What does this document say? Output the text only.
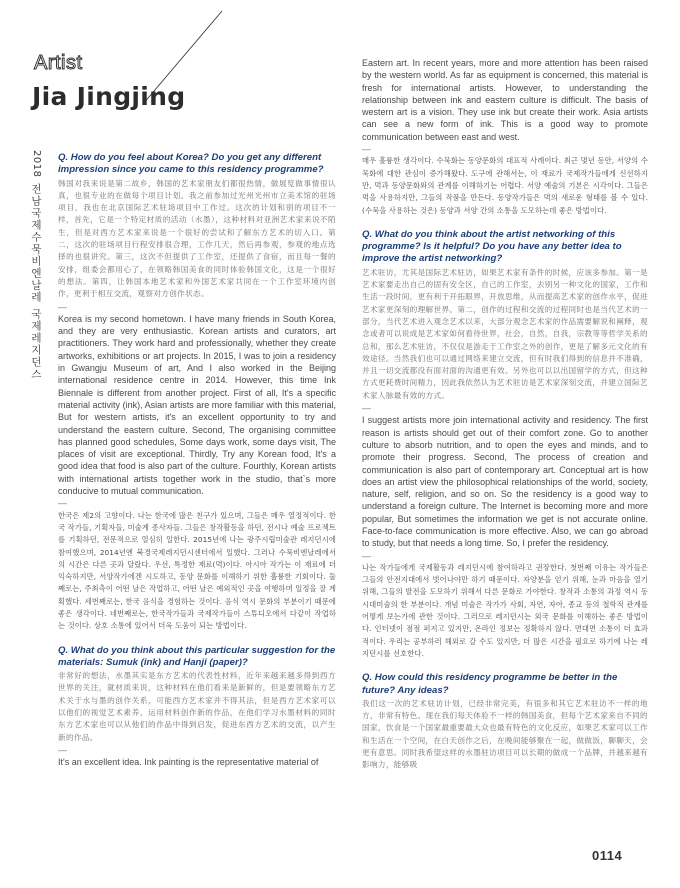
Artist
Jia Jingjing
2018전남국제수묵비엔날레 국제레지던스

Q. How do you feel about Korea? Do you get any different impression since you came to this residency programme?

韩国对我来说是第二故乡，韩国的艺术家朋友们都很热情，做展览做事情很认真，也很专业的在做每个项目计划。我之前参加过光州光州市立美术馆的驻场项目，我也在北京国际艺术驻场项目中工作过。这次的计划和别的项目不一样，首先，它是一个特定材质的活动（水墨），这种材料对亚洲艺术家来说不陌生，但是对西方艺术家来说是一个很好的尝试和了解东方艺术的切入口。第二，这次的驻场项目行程安排很合理，工作几天，然后再参观，参观的地点选择的也很讲究。第三，这次不但提供了工作室，还提供了食宿，而且每一餐的安排，组委会都用心了，在领略韩国美食的同时体验韩国文化，这是一个很好的想法。第四，让韩国本地艺术家和外国艺术家共同在一个工作室环境内创作，更利于相互交流，观察对方创作状态。

—

Korea is my second hometown. I have many friends in South Korea, and they are very enthusiastic. Korean artists and curators, art practitioners. They work hard and professionally, whether they create artworks, exhibitions or art projects. In 2015, I was to join a residency in Gwangju Museum of art, And I also worked in the Beijing international residence centre in 2014. However, this time Ink Biennale is different from another project. First of all, It's a specific material activity (ink), Asian artists are more familiar with this material, But for western artists, it's an excellent opportunity to try and understand the eastern culture. Second, The organising committee has planned good schedules, Some days work, some days visit, The places of visit are exceptional. Thirdly, Try any Korean food, It's a good idea that food is also part of the culture. Fourthly, Korean artists with international artists together work in the studio, that`s more conducive to mutual communication.

—

한국은 제2의 고향이다. 나는 한국에 많은 친구가 있으며, 그들은 매우 열정적이다. 한국 작가들, 기획자들, 미술계 종사자들. 그들은 창작활동을 하던, 전시나 예술 프로젝트를 기획하던, 전문적으로 열심히 일한다. 2015년에 나는 광주시립미술관 레지던시에 참여했으며, 2014년엔 북경국제레지던시센터에서 일했다. 그러나 수묵비엔날레에서의 시간은 다른 곳과 달랐다. 우선, 특정한 재료(먹)이다. 아시아 작가는 이 재료에 더 익숙하지만, 서양작가에겐 시도하고, 동양 문화를 이해하기 위한 훌륭한 기회이다. 둘째로는, 주최측이 어떤 날은 작업하고, 어떤 날은 예외적인 곳을 여행하며 일정을 잘 계획했다. 세번째로는, 한국 음식을 경험하는 것이다. 음식 역시 문화의 부분이기 때문에 좋은 생각이다. 네번째로는, 한국작가들과 국제작가들이 스튜디오에서 다같이 작업하는 것이다. 상호 소통에 있어서 더욱 도움이 되는 방법이다.

Q. What do you think about this particular suggestion for the materials: Sumuk (ink) and Hanji (paper)?

非常好的想法，水墨其实是东方艺术的代表性材料，近年来越来越多得到西方世界的关注，就材质来说，这种材料在他们看来是新鲜的，但是要领略东方艺术关于水与墨的创作关系，可能西方艺术家并不得其法，但是西方艺术家可以以他们的视觉艺术素养，运用材料创作新的作品，在他们学习水墨材料的同时东方艺术家也可以从他们的作品中得到启发，促进东西方艺术的交流，以产生新的作品。

—

It's an excellent idea. Ink painting is the representative material of

Eastern art. In recent years, more and more attention has been raised by the western world. As far as equipment is concerned, this material is fresh for international artists. However, to understanding the relationship between ink and eastern culture is difficult. The basis of western art is a vision. They use ink but create their work. Asia artists can see a new form of ink. This is a good way to promote communication between east and west.

—

매우 훌륭한 생각이다. 수묵화는 동양문화의 대표적 사례이다. 최근 몇년 동안, 서양의 수묵화에 대한 관심이 증가해왔다. 도구에 관해서는, 이 재료가 국제작가들에게 신선하지만, 먹과 동양문화와의 관계를 이해하기는 어렵다. 서양 예술의 기본은 시각이다. 그들은 먹을 사용하지만, 그들의 작품을 만든다. 동양작가들은 먹의 새로운 형태를 볼 수 있다. (수묵을 사용하는 것은) 동양과 서양 간의 소통을 도모하는데 좋은 방법이다.

Q. What do you think about the artist networking of this programme? Is it helpful? Do you have any better idea to improve the artist networking?

艺术驻访，尤其是国际艺术驻访，如果艺术家有条件的时候，应该多参加。第一是艺术家要走出自己的固有安全区，自己的工作室，去别另一种文化的国家，工作和生活一段时间，更有利于开拓眼界，开放思维，从而提高艺术家的创作水平，促进艺术家更深刻的理解世界。第二，创作的过程和交流的过程同时也是当代艺术的一部分，当代艺术进入观念艺术以来，大部分观念艺术家的作品需要解说和阐释，观念或者可以说成是艺术家如何看待世界，社会，自然，自我，宗教等等哲学关系的总和，那么艺术驻访，不仅仅是游走于工作室之外的创作，更是了解多元文化的有效途径。当然我们也可以通过网络来建立交流，但有时我们得到的信息并不准确，并且一切交流都没有面对面的沟通更有效。另外也可以以出国留学的方式，但这种方式更耗费时间精力，因此我依然认为艺术驻访是艺术家深刻交流，并建立国际艺术家人脉最有效的方式。

—

I suggest artists more join international activity and residency. The first reason is artists should get out of their comfort zone. Go to another culture to absorb nutrition, and to open the eyes and minds, and to promote their progress. Second, The process of creation and communication is also part of contemporary art. Conceptual art is how does an artist view the philosophical relationships of the world, society, nature, self, religion, and so on. So the residency is a good way to understand a foreign culture. The Internet is becoming more and more popular, But sometimes the information we get is not accurate online. Face-to-face communication is more effective. Also, we can go abroad to study, but that needs a long time. So, I prefer the residency.

—

나는 작가들에게 국제활동과 레지던시에 참여하라고 권장한다. 첫번째 이유는 작가들은 그들의 안전지대에서 벗어나야만 하기 때문이다. 자양분을 얻기 위해, 눈과 마음을 열기 위해, 그들의 발전을 도모하기 위해서 다른 문화로 가야한다. 창작과 소통의 과정 역시 동시대미술의 한 부분이다. 개념 미술은 작가가 사회, 자연, 자아, 종교 등의 철학적 관계를 어떻게 보는가에 관한 것이다. 그러므로 레지던시는 외국 문화를 이해하는 좋은 방법이다. 인터넷이 점점 퍼지고 있지만, 온라인 정보는 정확하지 않다. 면대면 소통이 더 효과적이다. 우리는 공부하러 해외로 갈 수도 있지만, 더 많은 시간을 필요로 하기에 나는 레지던시를 선호한다.

Q. How could this residency programme be better in the future? Any ideas?

我们这一次的艺术驻访计划，已经非常完美，有很多和其它艺术驻访不一样的地方，非常有特色。现在我们每天体验不一样的韩国美食，但每个艺术家来自不同的国家，饮食是一个国家最重要最大众也最有特色的文化反应，如果艺术家可以工作和生活在一个空间，在白天创作之后，在晚间能够聚在一起，做做饭，聊聊天，会更有意思。同时我希望这样的水墨驻访项目可以长期的做成一个品牌，并越来越有影响力，能够吸

0114
